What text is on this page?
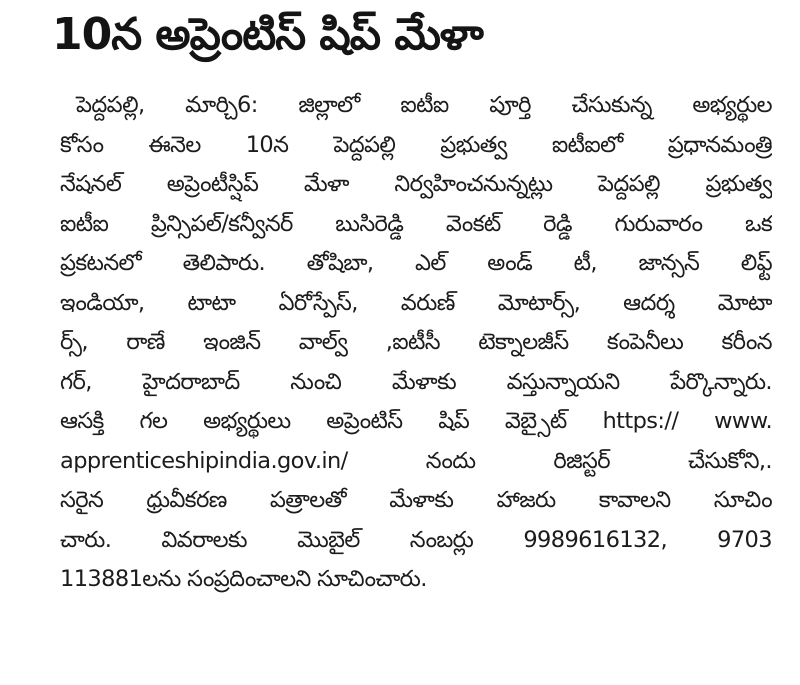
10న అప్రెంటిస్ షిప్ మేళా
పెద్దపల్లి, మార్చి6: జిల్లాలో ఐటీఐ పూర్తి చేసుకున్న అభ్యర్థుల
కోసం ఈనెల 10న పెద్దపల్లి ప్రభుత్వ ఐటీఐలో ప్రధానమంత్రి
నేషనల్ అప్రెంటీస్షిప్ మేళా నిర్వహించనున్నట్లు పెద్దపల్లి ప్రభుత్వ
ఐటీఐ ప్రిన్సిపల్/కన్వీనర్ బుసిరెడ్డి వెంకట్ రెడ్డి గురువారం ఒక
ప్రకటనలో తెలిపారు. తోషిబా, ఎల్ అండ్ టీ, జాన్సన్ లిఫ్ట్
ఇండియా, టాటా ఏరోస్పేస్, వరుణ్ మోటార్స్, ఆదర్శ మోటా
ర్స్, రాణే ఇంజిన్ వాల్వ్ ,ఐటీసీ టెక్నాలజీస్ కంపెనీలు కరీంన
గర్, హైదరాబాద్ నుంచి మేళాకు వస్తున్నాయని పేర్కొన్నారు.
ఆసక్తి గల అభ్యర్థులు అప్రెంటిస్ షిప్ వెబ్సైట్ https:// www.
apprenticeshipindia.gov.in/ నందు రిజిస్టర్ చేసుకోని,.
సరైన ధ్రువీకరణ పత్రాలతో మేళాకు హాజరు కావాలని సూచిం
చారు. వివరాలకు మొబైల్ నంబర్లు 9989616132, 9703
113881లను సంప్రదించాలని సూచించారు.
